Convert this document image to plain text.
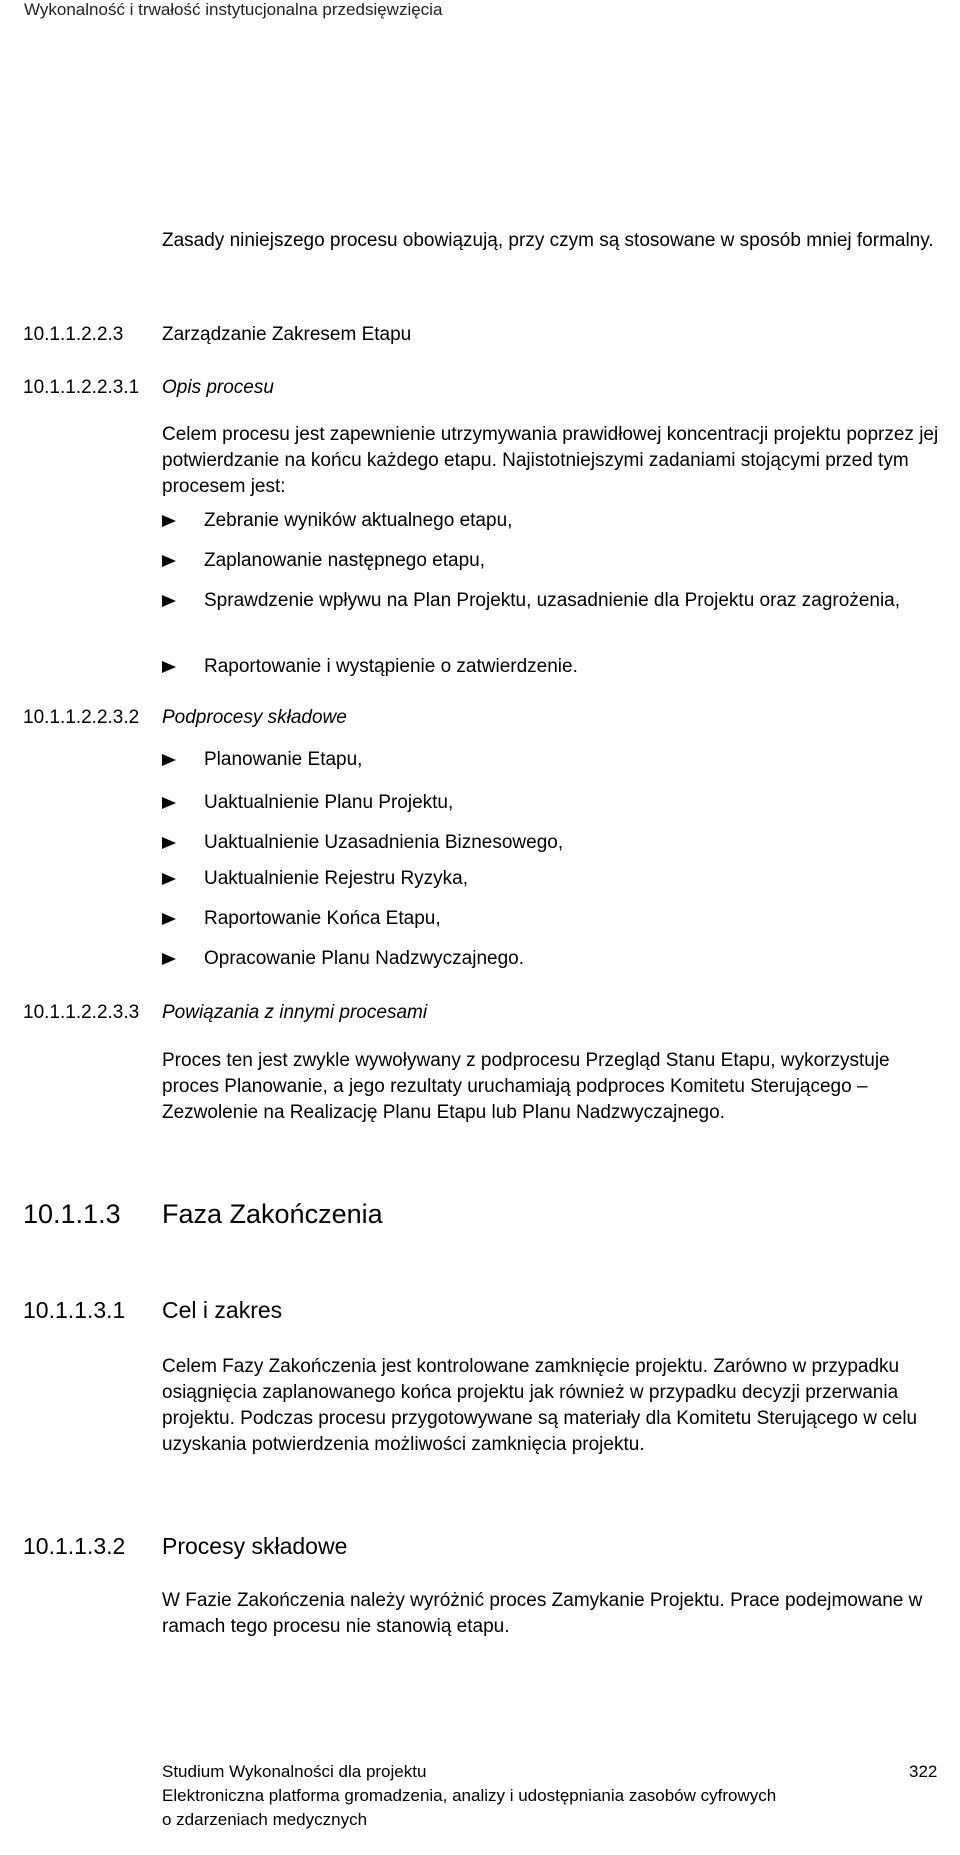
Wykonalność i trwałość instytucjonalna przedsięwzięcia
Zasady niniejszego procesu obowiązują, przy czym są stosowane w sposób mniej formalny.
10.1.1.2.2.3 Zarządzanie Zakresem Etapu
10.1.1.2.2.3.1 Opis procesu
Celem procesu jest zapewnienie utrzymywania prawidłowej koncentracji projektu poprzez jej potwierdzanie na końcu każdego etapu. Najistotniejszymi zadaniami stojącymi przed tym procesem jest:
Zebranie wyników aktualnego etapu,
Zaplanowanie następnego etapu,
Sprawdzenie wpływu na Plan Projektu, uzasadnienie dla Projektu oraz zagrożenia,
Raportowanie i wystąpienie o zatwierdzenie.
10.1.1.2.2.3.2 Podprocesy składowe
Planowanie Etapu,
Uaktualnienie Planu Projektu,
Uaktualnienie Uzasadnienia Biznesowego,
Uaktualnienie Rejestru Ryzyka,
Raportowanie Końca Etapu,
Opracowanie Planu Nadzwyczajnego.
10.1.1.2.2.3.3 Powiązania z innymi procesami
Proces ten jest zwykle wywoływany z podprocesu Przegląd Stanu Etapu, wykorzystuje proces Planowanie, a jego rezultaty uruchamiają podproces Komitetu Sterującego – Zezwolenie na Realizację Planu Etapu lub Planu Nadzwyczajnego.
10.1.1.3 Faza Zakończenia
10.1.1.3.1 Cel i zakres
Celem Fazy Zakończenia jest kontrolowane zamknięcie projektu. Zarówno w przypadku osiągnięcia zaplanowanego końca projektu jak również w przypadku decyzji przerwania projektu. Podczas procesu przygotowywane są materiały dla Komitetu Sterującego w celu uzyskania potwierdzenia możliwości zamknięcia projektu.
10.1.1.3.2 Procesy składowe
W Fazie Zakończenia należy wyróżnić proces Zamykanie Projektu. Prace podejmowane w ramach tego procesu nie stanowią etapu.
Studium Wykonalności dla projektu
Elektroniczna platforma gromadzenia, analizy i udostępniania zasobów cyfrowych
o zdarzeniach medycznych
322
